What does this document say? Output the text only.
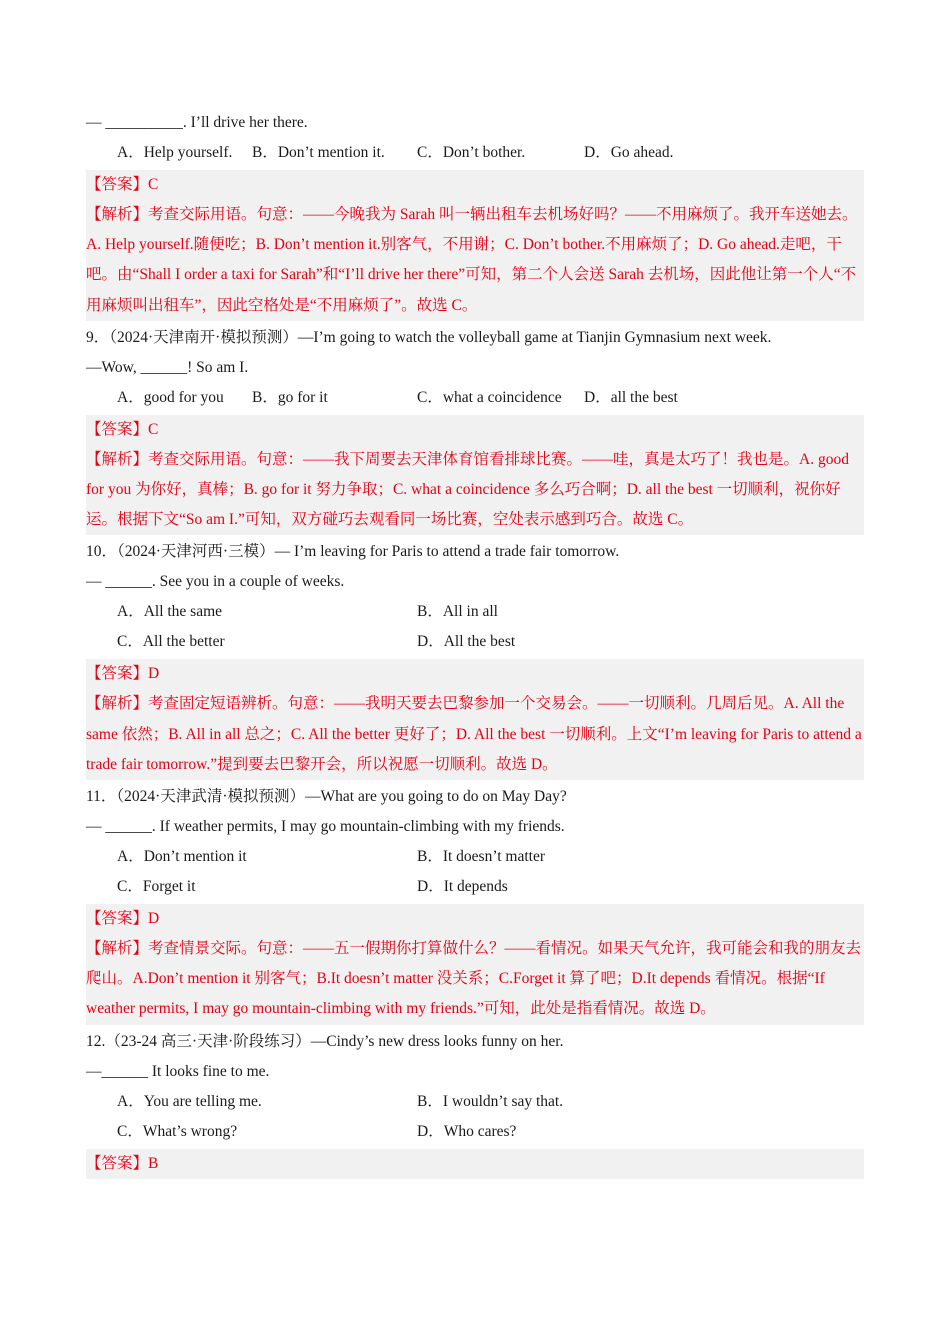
— __________. I’ll drive her there.
A．Help yourself. B．Don’t mention it. C．Don’t bother.	D．Go ahead.
【答案】C
【解析】考查交际用语。句意：——今晚我为 Sarah 叫一辆出租车去机场好吗？——不用麻烦了。我开车送她去。A. Help yourself.随便吃；B. Don’t mention it.别客气，不用谢；C. Don’t bother.不用麻烦了；D. Go ahead.走吧，干吧。由“Shall I order a taxi for Sarah”和“I’ll drive her there”可知，第二个人会送 Sarah 去机场，因此他让第一个人“不用麻烦叫出租车”，因此空格处是“不用麻烦了”。故选 C。
9．（2024·天津南开·模拟预测）—I’m going to watch the volleyball game at Tianjin Gymnasium next week.
—Wow, ______! So am I.
A．good for you B．go for it	C．what a coincidence D．all the best
【答案】C
【解析】考查交际用语。句意：——我下周要去天津体育馆看排球比赛。——哇，真是太巧了！我也是。A. good for you 为你好，真棒；B. go for it 努力争取；C. what a coincidence 多么巧合啊；D. all the best 一切顺利，祝你好运。根据下文“So am I.”可知，双方碰巧去观看同一场比赛，空处表示感到巧合。故选 C。
10．（2024·天津河西·三模）— I’m leaving for Paris to attend a trade fair tomorrow.
— ______. See you in a couple of weeks.
A．All the same	B．All in all
C．All the better	D．All the best
【答案】D
【解析】考查固定短语辨析。句意：——我明天要去巴黎参加一个交易会。——一切顺利。几周后见。A. All the same 依然；B. All in all 总之；C. All the better 更好了；D. All the best 一切顺利。上文“I’m leaving for Paris to attend a trade fair tomorrow.”提到要去巴黎开会，所以祝愿一切顺利。故选 D。
11．（2024·天津武清·模拟预测）—What are you going to do on May Day?
— ______. If weather permits, I may go mountain-climbing with my friends.
A．Don’t mention it	B．It doesn’t matter
C．Forget it	D．It depends
【答案】D
【解析】考查情景交际。句意：——五一假期你打算做什么？——看情况。如果天气允许，我可能会和我的朋友去爬山。A.Don’t mention it 别客气；B.It doesn’t matter 没关系；C.Forget it 算了吧；D.It depends 看情况。根据“If weather permits, I may go mountain-climbing with my friends.”可知，此处是指看情况。故选 D。
12.（23-24 高三·天津·阶段练习）—Cindy’s new dress looks funny on her.
—______ It looks fine to me.
A．You are telling me.	B．I wouldn’t say that.
C．What’s wrong?	D．Who cares?
【答案】B
